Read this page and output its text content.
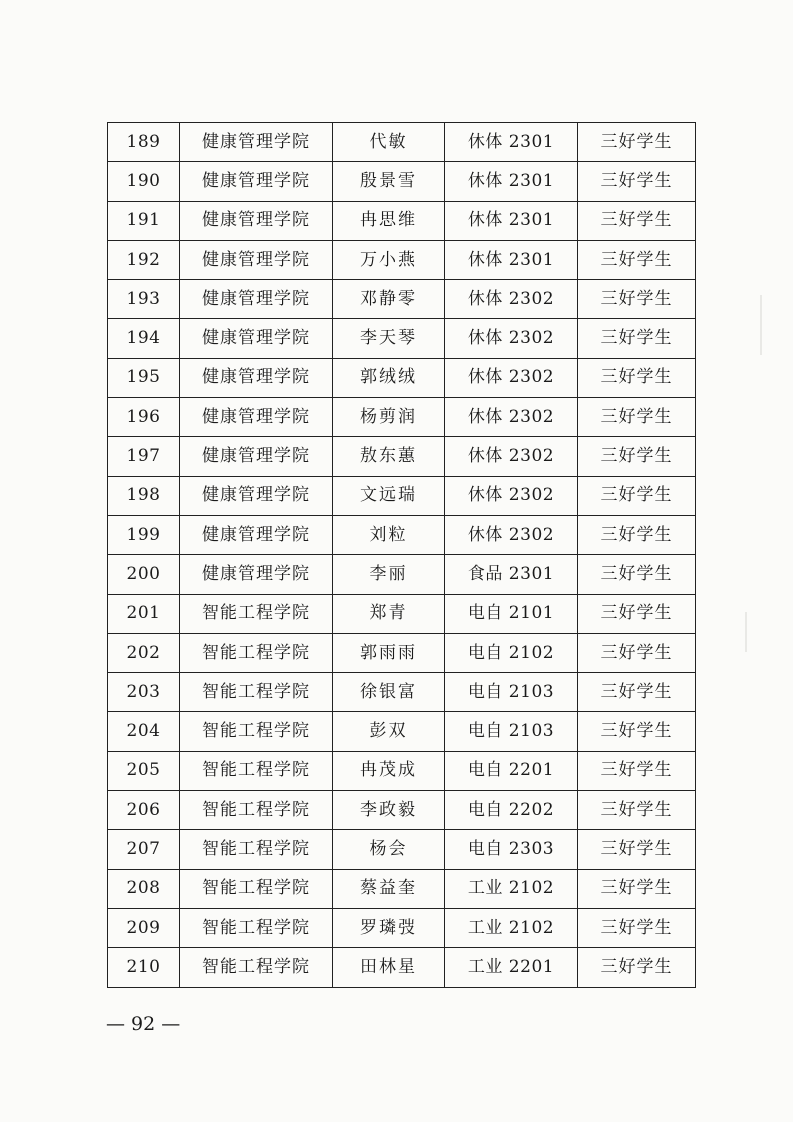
189	健康管理学院	代敏	休体 2301	三好学生
190	健康管理学院	殷景雪	休体 2301	三好学生
191	健康管理学院	冉思维	休体 2301	三好学生
192	健康管理学院	万小燕	休体 2301	三好学生
193	健康管理学院	邓静零	休体 2302	三好学生
194	健康管理学院	李天琴	休体 2302	三好学生
195	健康管理学院	郭绒绒	休体 2302	三好学生
196	健康管理学院	杨剪润	休体 2302	三好学生
197	健康管理学院	敖东蕙	休体 2302	三好学生
198	健康管理学院	文远瑞	休体 2302	三好学生
199	健康管理学院	刘粒	休体 2302	三好学生
200	健康管理学院	李丽	食品 2301	三好学生
201	智能工程学院	郑青	电自 2101	三好学生
202	智能工程学院	郭雨雨	电自 2102	三好学生
203	智能工程学院	徐银富	电自 2103	三好学生
204	智能工程学院	彭双	电自 2103	三好学生
205	智能工程学院	冉茂成	电自 2201	三好学生
206	智能工程学院	李政毅	电自 2202	三好学生
207	智能工程学院	杨会	电自 2303	三好学生
208	智能工程学院	蔡益奎	工业 2102	三好学生
209	智能工程学院	罗璘弢	工业 2102	三好学生
210	智能工程学院	田林星	工业 2201	三好学生
— 92 —
